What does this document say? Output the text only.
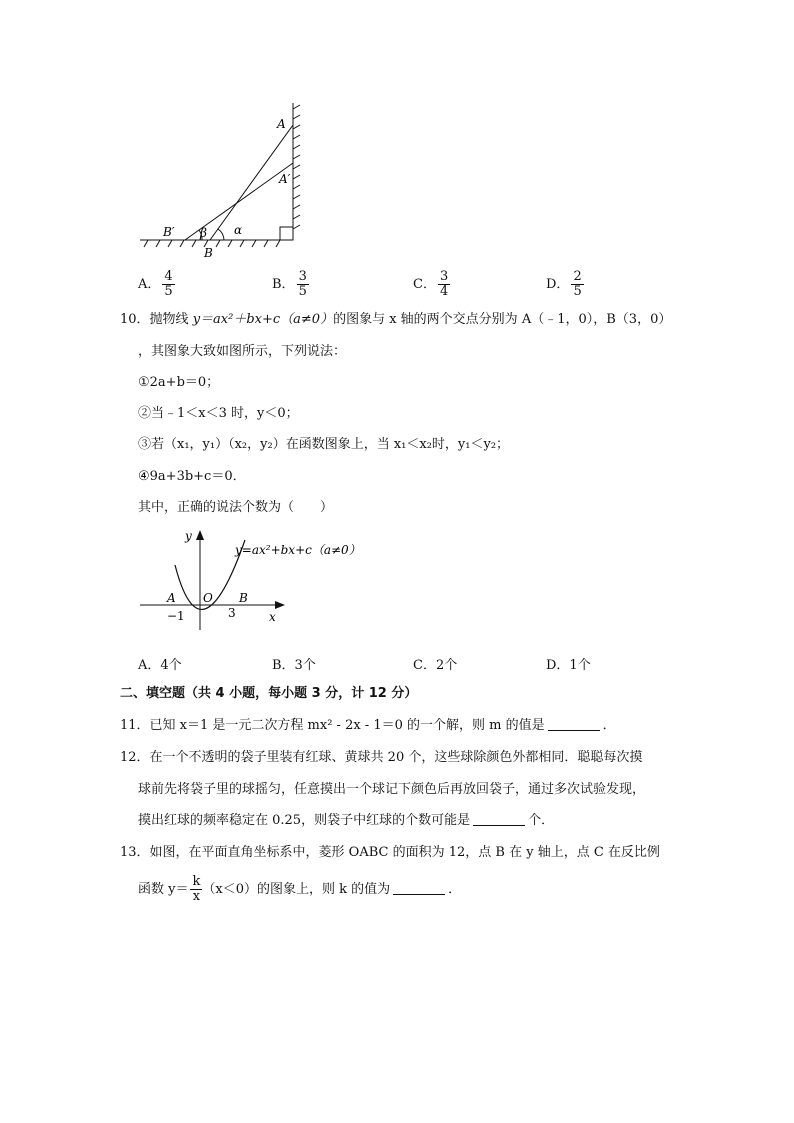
A
A′
B′
B
α
β
A． $\frac{4}{5}$	B． $\frac{3}{5}$	C． $\frac{3}{4}$	D． $\frac{2}{5}$
10．抛物线 y＝ax²＋bx+c（a≠0）的图象与 x 轴的两个交点分别为 A（﹣1，0），B（3，0）
，其图象大致如图所示，下列说法：
①2a+b＝0；
②当﹣1＜x＜3 时，y＜0；
③若（x₁，y₁）（x₂，y₂）在函数图象上，当 x₁＜x₂时，y₁＜y₂；
④9a+3b+c＝0．
其中，正确的说法个数为（　　）
y=ax²+bx+c（a≠0）
y
x
O
A	B
−1	3
A．4个	B．3个	C．2个	D．1个
二、填空题（共 4 小题，每小题 3 分，计 12 分）
11．已知 x＝1 是一元二次方程 mx² - 2x - 1＝0 的一个解，则 m 的值是	．
12．在一个不透明的袋子里装有红球、黄球共 20 个，这些球除颜色外都相同．聪聪每次摸
球前先将袋子里的球摇匀，任意摸出一个球记下颜色后再放回袋子，通过多次试验发现，
摸出红球的频率稳定在 0.25，则袋子中红球的个数可能是	个．
13．如图，在平面直角坐标系中，菱形 OABC 的面积为 12，点 B 在 y 轴上，点 C 在反比例
函数 $y= \frac{k}{x} (x<0)$的图象上，则 k 的值为	．
